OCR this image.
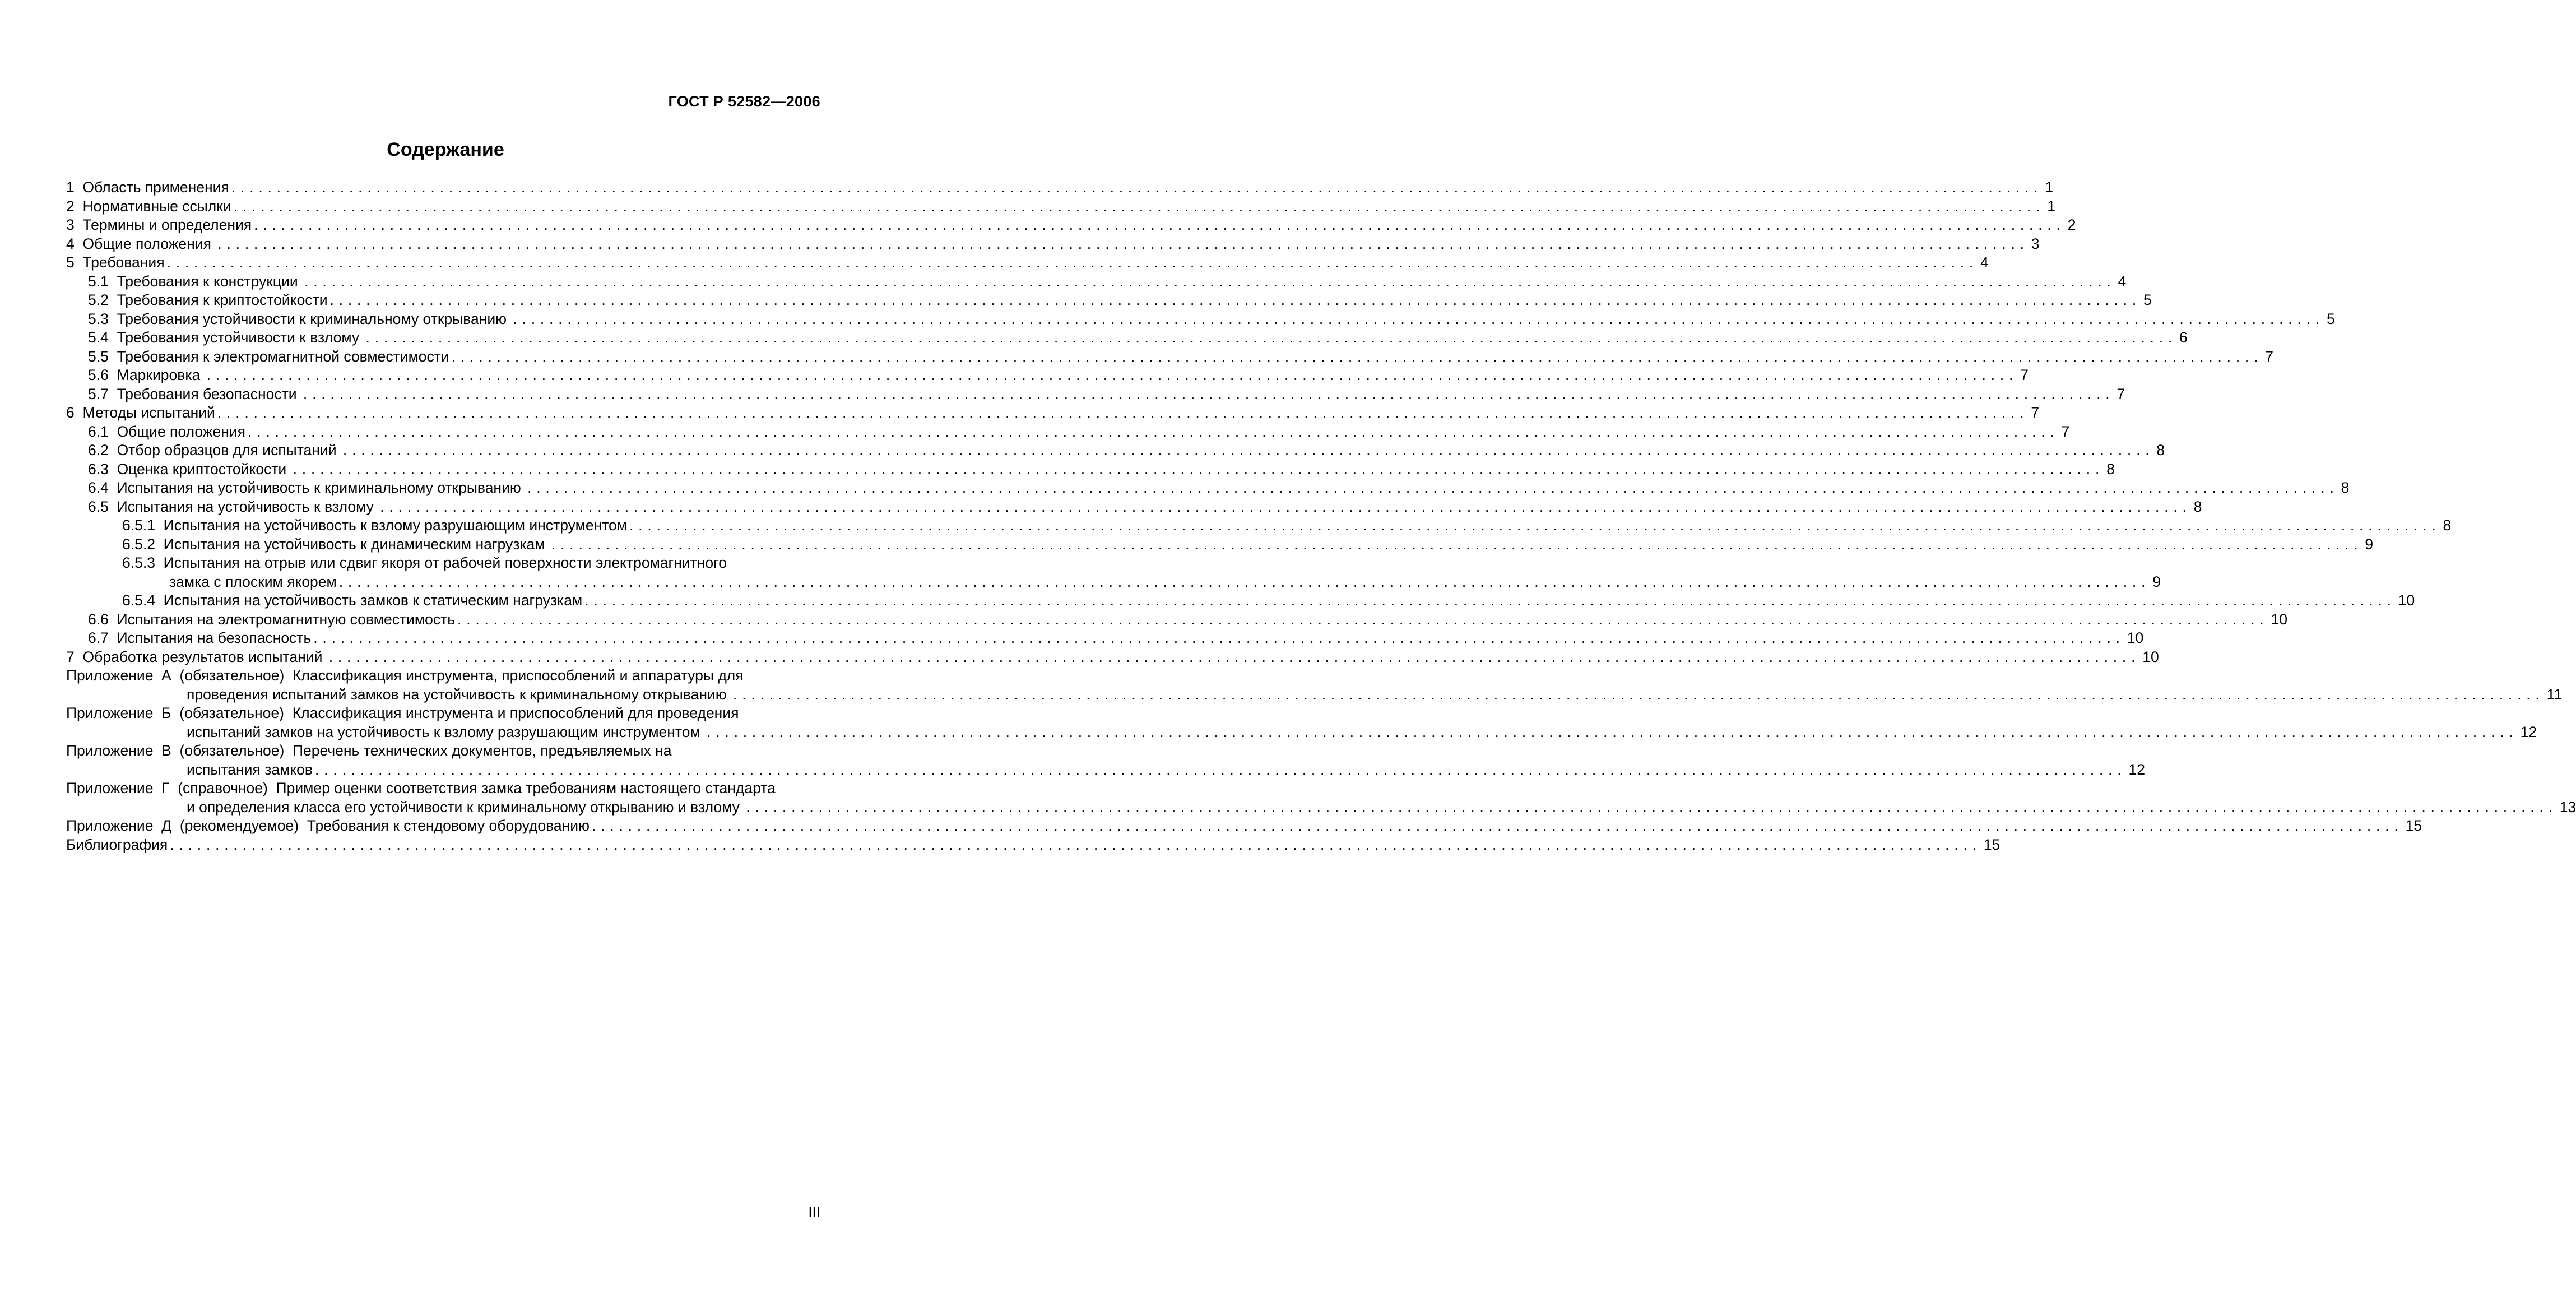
ГОСТ Р 52582—2006
Содержание
1  Область применения ........................................................................................................................................................................................................ 1
2  Нормативные ссылки ........................................................................................................................................................................................................ 1
3  Термины и определения ........................................................................................................................................................................................................ 2
4  Общие положения ........................................................................................................................................................................................................ 3
5  Требования ........................................................................................................................................................................................................ 4
5.1  Требования к конструкции ........................................................................................................................................................................................................ 4
5.2  Требования к криптостойкости ........................................................................................................................................................................................................ 5
5.3  Требования устойчивости к криминальному открыванию ........................................................................................................................................................................................................ 5
5.4  Требования устойчивости к взлому ........................................................................................................................................................................................................ 6
5.5  Требования к электромагнитной совместимости ........................................................................................................................................................................................................ 7
5.6  Маркировка ........................................................................................................................................................................................................ 7
5.7  Требования безопасности ........................................................................................................................................................................................................ 7
6  Методы испытаний ........................................................................................................................................................................................................ 7
6.1  Общие положения ........................................................................................................................................................................................................ 7
6.2  Отбор образцов для испытаний ........................................................................................................................................................................................................ 8
6.3  Оценка криптостойкости ........................................................................................................................................................................................................ 8
6.4  Испытания на устойчивость к криминальному открыванию ........................................................................................................................................................................................................ 8
6.5  Испытания на устойчивость к взлому ........................................................................................................................................................................................................ 8
6.5.1  Испытания на устойчивость к взлому разрушающим инструментом ........................................................................................................................................................................................................ 8
6.5.2  Испытания на устойчивость к динамическим нагрузкам ........................................................................................................................................................................................................ 9
6.5.3  Испытания на отрыв или сдвиг якоря от рабочей поверхности электромагнитного
замка с плоским якорем ........................................................................................................................................................................................................ 9
6.5.4  Испытания на устойчивость замков к статическим нагрузкам ........................................................................................................................................................................................................ 10
6.6  Испытания на электромагнитную совместимость ........................................................................................................................................................................................................ 10
6.7  Испытания на безопасность ........................................................................................................................................................................................................ 10
7  Обработка результатов испытаний ........................................................................................................................................................................................................ 10
Приложение  А  (обязательное)  Классификация инструмента, приспособлений и аппаратуры для
проведения испытаний замков на устойчивость к криминальному открыванию ........................................................................................................................................................................................................ 11
Приложение  Б  (обязательное)  Классификация инструмента и приспособлений для проведения
испытаний замков на устойчивость к взлому разрушающим инструментом ........................................................................................................................................................................................................ 12
Приложение  В  (обязательное)  Перечень технических документов, предъявляемых на
испытания замков ........................................................................................................................................................................................................ 12
Приложение  Г  (справочное)  Пример оценки соответствия замка требованиям настоящего стандарта
и определения класса его устойчивости к криминальному открыванию и взлому ........................................................................................................................................................................................................ 13
Приложение  Д  (рекомендуемое)  Требования к стендовому оборудованию ........................................................................................................................................................................................................ 15
Библиография ........................................................................................................................................................................................................ 15
III
